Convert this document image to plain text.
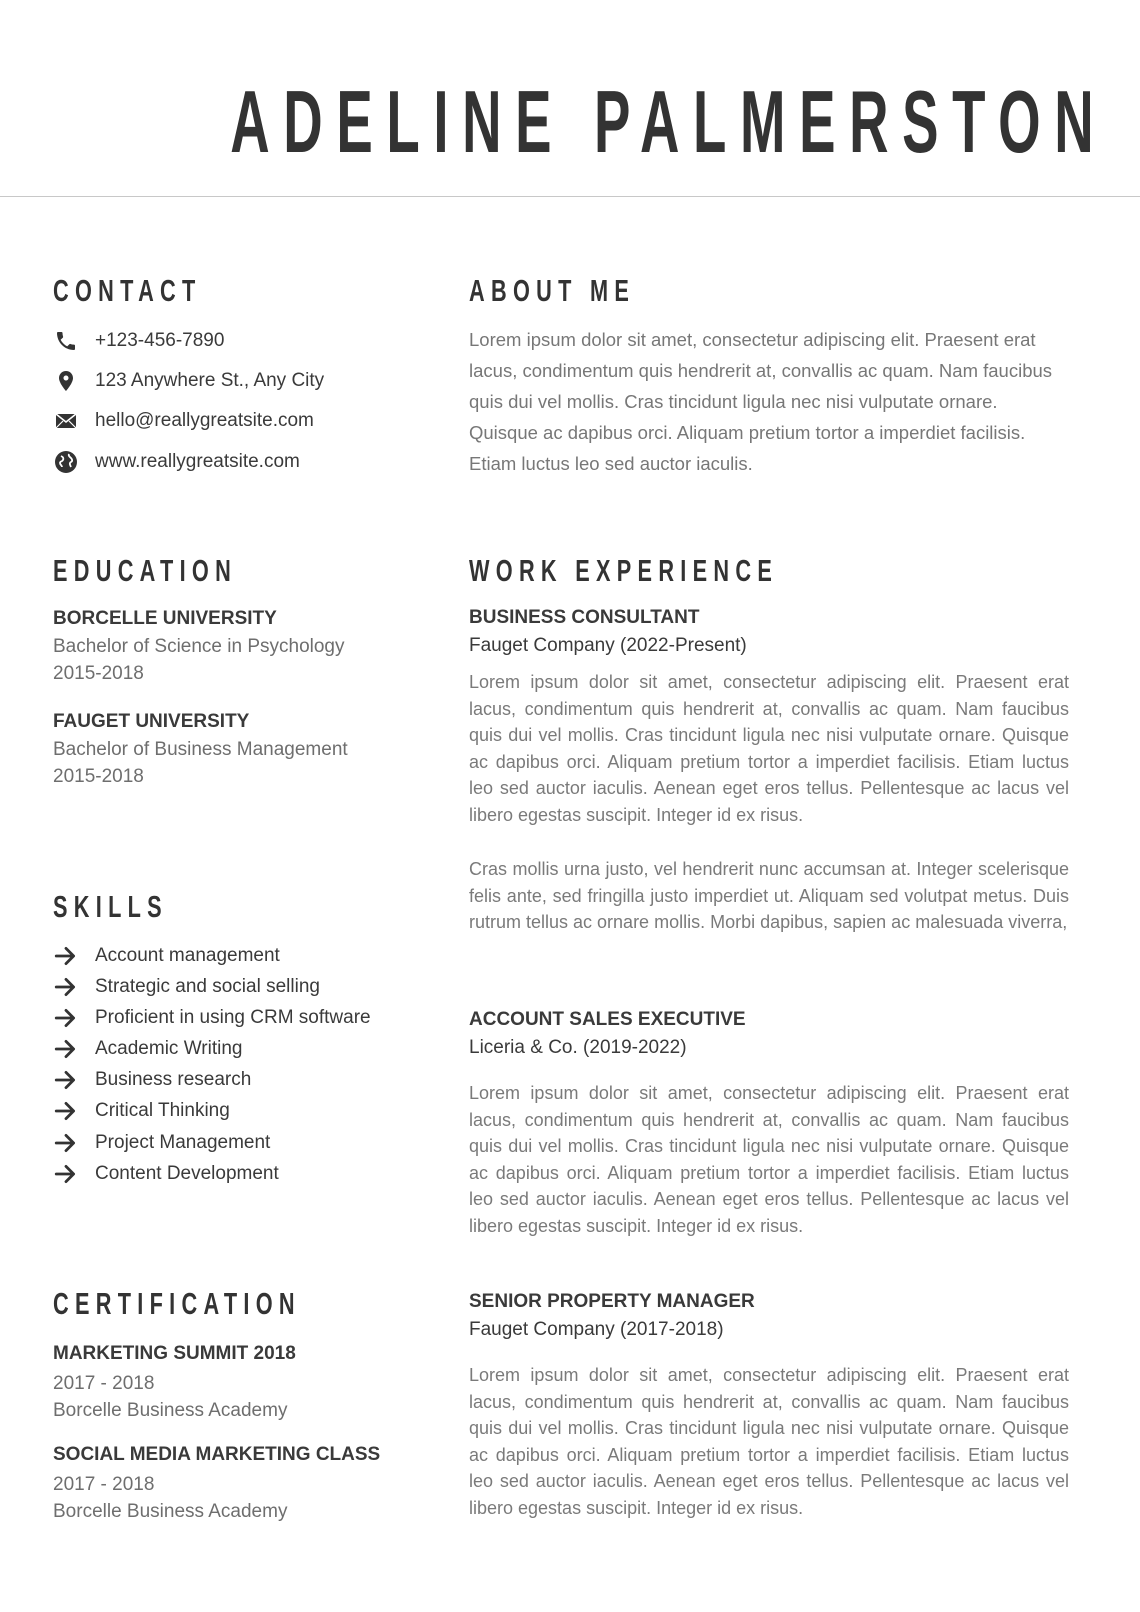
ADELINE PALMERSTON
CONTACT
+123-456-7890
123 Anywhere St., Any City
hello@reallygreatsite.com
www.reallygreatsite.com
EDUCATION
BORCELLE UNIVERSITY
Bachelor of Science in Psychology
2015-2018
FAUGET UNIVERSITY
Bachelor of Business Management
2015-2018
SKILLS
Account management
Strategic and social selling
Proficient in using CRM software
Academic Writing
Business research
Critical Thinking
Project Management
Content Development
CERTIFICATION
MARKETING SUMMIT 2018
2017 - 2018
Borcelle Business Academy
SOCIAL MEDIA MARKETING CLASS
2017 - 2018
Borcelle Business Academy
ABOUT ME
Lorem ipsum dolor sit amet, consectetur adipiscing elit. Praesent erat lacus, condimentum quis hendrerit at, convallis ac quam. Nam faucibus quis dui vel mollis. Cras tincidunt ligula nec nisi vulputate ornare. Quisque ac dapibus orci. Aliquam pretium tortor a imperdiet facilisis. Etiam luctus leo sed auctor iaculis.
WORK EXPERIENCE
BUSINESS CONSULTANT
Fauget Company (2022-Present)
Lorem ipsum dolor sit amet, consectetur adipiscing elit. Praesent erat lacus, condimentum quis hendrerit at, convallis ac quam. Nam faucibus quis dui vel mollis. Cras tincidunt ligula nec nisi vulputate ornare. Quisque ac dapibus orci. Aliquam pretium tortor a imperdiet facilisis. Etiam luctus leo sed auctor iaculis. Aenean eget eros tellus. Pellentesque ac lacus vel libero egestas suscipit. Integer id ex risus.
Cras mollis urna justo, vel hendrerit nunc accumsan at. Integer scelerisque felis ante, sed fringilla justo imperdiet ut. Aliquam sed volutpat metus. Duis rutrum tellus ac ornare mollis. Morbi dapibus, sapien ac malesuada viverra,
ACCOUNT SALES EXECUTIVE
Liceria & Co. (2019-2022)
Lorem ipsum dolor sit amet, consectetur adipiscing elit. Praesent erat lacus, condimentum quis hendrerit at, convallis ac quam. Nam faucibus quis dui vel mollis. Cras tincidunt ligula nec nisi vulputate ornare. Quisque ac dapibus orci. Aliquam pretium tortor a imperdiet facilisis. Etiam luctus leo sed auctor iaculis. Aenean eget eros tellus. Pellentesque ac lacus vel libero egestas suscipit. Integer id ex risus.
SENIOR PROPERTY MANAGER
Fauget Company (2017-2018)
Lorem ipsum dolor sit amet, consectetur adipiscing elit. Praesent erat lacus, condimentum quis hendrerit at, convallis ac quam. Nam faucibus quis dui vel mollis. Cras tincidunt ligula nec nisi vulputate ornare. Quisque ac dapibus orci. Aliquam pretium tortor a imperdiet facilisis. Etiam luctus leo sed auctor iaculis. Aenean eget eros tellus. Pellentesque ac lacus vel libero egestas suscipit. Integer id ex risus.
